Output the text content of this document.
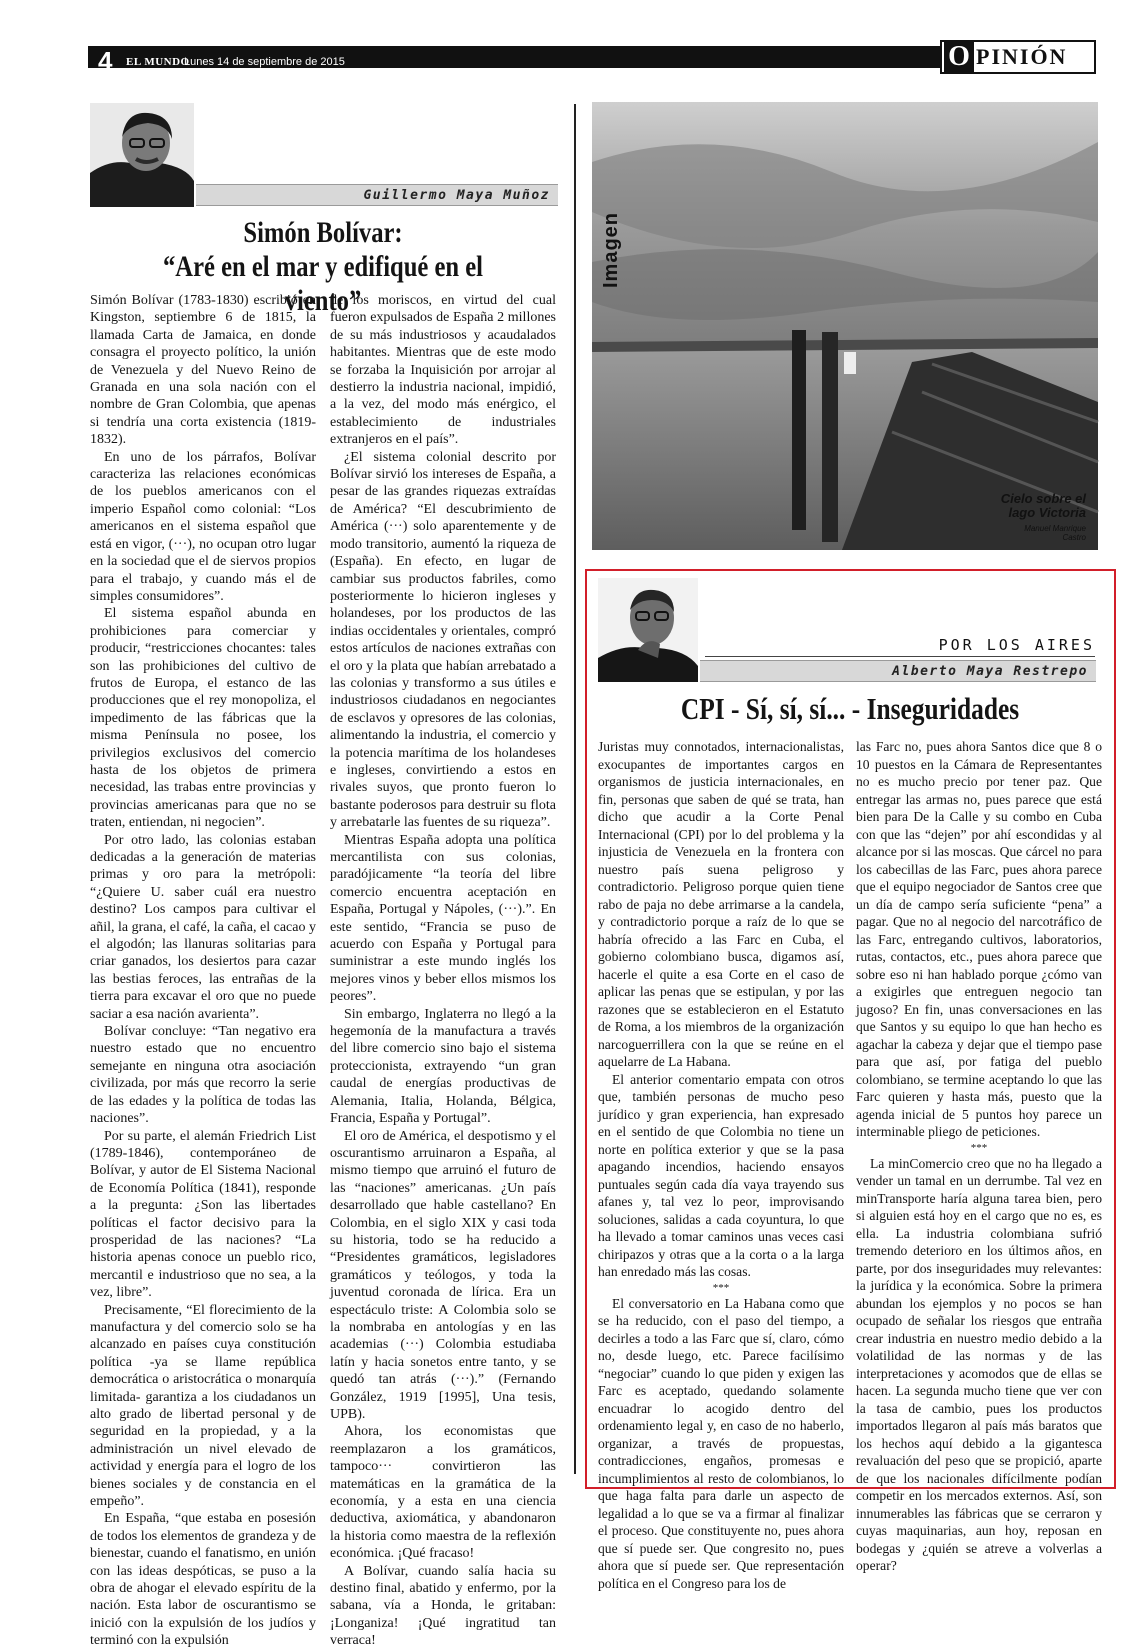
4 EL MUNDO
Lunes 14 de septiembre de 2015	O PINIÓN
Guillermo Maya Muñoz
Simón Bolívar:
“Aré en el mar y edifiqué en el viento”

Simón Bolívar (1783-1830) escribió en Kingston, septiembre 6 de 1815, la llamada Carta de Jamaica, en donde consagra el proyecto político, la unión de Venezuela y del Nuevo Reino de Granada en una sola nación con el nombre de Gran Colombia, que apenas si tendría una corta existencia (1819-1832).

En uno de los párrafos, Bolívar caracteriza las relaciones económicas de los pueblos americanos con el imperio Español como colonial: “Los americanos en el sistema español que está en vigor, (···), no ocupan otro lugar en la sociedad que el de siervos propios para el trabajo, y cuando más el de simples consumidores”.

El sistema español abunda en prohibiciones para comerciar y producir, “restricciones chocantes: tales son las prohibiciones del cultivo de frutos de Europa, el estanco de las producciones que el rey monopoliza, el impedimento de las fábricas que la misma Península no posee, los privilegios exclusivos del comercio hasta de los objetos de primera necesidad, las trabas entre provincias y provincias americanas para que no se traten, entiendan, ni negocien”.

Por otro lado, las colonias estaban dedicadas a la generación de materias primas y oro para la metrópoli: “¿Quiere U. saber cuál era nuestro destino? Los campos para cultivar el añil, la grana, el café, la caña, el cacao y el algodón; las llanuras solitarias para criar ganados, los desiertos para cazar las bestias feroces, las entrañas de la tierra para excavar el oro que no puede saciar a esa nación avarienta”.

Bolívar concluye: “Tan negativo era nuestro estado que no encuentro semejante en ninguna otra asociación civilizada, por más que recorro la serie de las edades y la política de todas las naciones”.

Por su parte, el alemán Friedrich List (1789-1846), contemporáneo de Bolívar, y autor de El Sistema Nacional de Economía Política (1841), responde a la pregunta: ¿Son las libertades políticas el factor decisivo para la prosperidad de las naciones? “La historia apenas conoce un pueblo rico, mercantil e industrioso que no sea, a la vez, libre”.

Precisamente, “El florecimiento de la manufactura y del comercio solo se ha alcanzado en países cuya constitución política -ya se llame república democrática o aristocrática o monarquía limitada- garantiza a los ciudadanos un alto grado de libertad personal y de seguridad en la propiedad, y a la administración un nivel elevado de actividad y energía para el logro de los bienes sociales y de constancia en el empeño”.

En España, “que estaba en posesión de todos los elementos de grandeza y de bienestar, cuando el fanatismo, en unión con las ideas despóticas, se puso a la obra de ahogar el elevado espíritu de la nación. Esta labor de oscurantismo se inició con la expulsión de los judíos y terminó con la expulsión

de los moriscos, en virtud del cual fueron expulsados de España 2 millones de su más industriosos y acaudalados habitantes. Mientras que de este modo se forzaba la Inquisición por arrojar al destierro la industria nacional, impidió, a la vez, del modo más enérgico, el establecimiento de industriales extranjeros en el país”.

¿El sistema colonial descrito por Bolívar sirvió los intereses de España, a pesar de las grandes riquezas extraídas de América? “El descubrimiento de América (···) solo aparentemente y de modo transitorio, aumentó la riqueza de (España). En efecto, en lugar de cambiar sus productos fabriles, como posteriormente lo hicieron ingleses y holandeses, por los productos de las indias occidentales y orientales, compró estos artículos de naciones extrañas con el oro y la plata que habían arrebatado a las colonias y transformo a sus útiles e industriosos ciudadanos en negociantes de esclavos y opresores de las colonias, alimentando la industria, el comercio y la potencia marítima de los holandeses e ingleses, convirtiendo a estos en rivales suyos, que pronto fueron lo bastante poderosos para destruir su flota y arrebatarle las fuentes de su riqueza”.

Mientras España adopta una política mercantilista con sus colonias, paradójicamente “la teoría del libre comercio encuentra aceptación en España, Portugal y Nápoles, (···).”. En este sentido, “Francia se puso de acuerdo con España y Portugal para suministrar a este mundo inglés los mejores vinos y beber ellos mismos los peores”.

Sin embargo, Inglaterra no llegó a la hegemonía de la manufactura a través del libre comercio sino bajo el sistema proteccionista, extrayendo “un gran caudal de energías productivas de Alemania, Italia, Holanda, Bélgica, Francia, España y Portugal”.

El oro de América, el despotismo y el oscurantismo arruinaron a España, al mismo tiempo que arruinó el futuro de las “naciones” americanas. ¿Un país desarrollado que hable castellano? En Colombia, en el siglo XIX y casi toda su historia, todo se ha reducido a “Presidentes gramáticos, legisladores gramáticos y teólogos, y toda la juventud coronada de lírica. Era un espectáculo triste: A Colombia solo se la nombraba en antologías y en las academias (···) Colombia estudiaba latín y hacia sonetos entre tanto, y se quedó tan atrás (···).” (Fernando González, 1919 [1995], Una tesis, UPB).

Ahora, los economistas que reemplazaron a los gramáticos, tampoco··· convirtieron las matemáticas en la gramática de la economía, y a esta en una ciencia deductiva, axiomática, y abandonaron la historia como maestra de la reflexión económica. ¡Qué fracaso!

A Bolívar, cuando salía hacia su destino final, abatido y enfermo, por la sabana, vía a Honda, le gritaban: ¡Longaniza! ¡Qué ingratitud tan verraca!

Imagen
Cielo sobre el
lago Victoria
Manuel Manrique
Castro
POR LOS AIRES
Alberto Maya Restrepo
CPI - Sí, sí, sí... - Inseguridades

Juristas muy connotados, internacionalistas, exocupantes de importantes cargos en organismos de justicia internacionales, en fin, personas que saben de qué se trata, han dicho que acudir a la Corte Penal Internacional (CPI) por lo del problema y la injusticia de Venezuela en la frontera con nuestro país suena peligroso y contradictorio. Peligroso porque quien tiene rabo de paja no debe arrimarse a la candela, y contradictorio porque a raíz de lo que se habría ofrecido a las Farc en Cuba, el gobierno colombiano busca, digamos así, hacerle el quite a esa Corte en el caso de aplicar las penas que se estipulan, y por las razones que se establecieron en el Estatuto de Roma, a los miembros de la organización narcoguerrillera con la que se reúne en el aquelarre de La Habana.

El anterior comentario empata con otros que, también personas de mucho peso jurídico y gran experiencia, han expresado en el sentido de que Colombia no tiene un norte en política exterior y que se la pasa apagando incendios, haciendo ensayos puntuales según cada día vaya trayendo sus afanes y, tal vez lo peor, improvisando soluciones, salidas a cada coyuntura, lo que ha llevado a tomar caminos unas veces casi chiripazos y otras que a la corta o a la larga han enredado más las cosas.

***

El conversatorio en La Habana como que se ha reducido, con el paso del tiempo, a decirles a todo a las Farc que sí, claro, cómo no, desde luego, etc. Parece facilísimo “negociar” cuando lo que piden y exigen las Farc es aceptado, quedando solamente encuadrar lo acogido dentro del ordenamiento legal y, en caso de no haberlo, organizar, a través de propuestas, contradicciones, engaños, promesas e incumplimientos al resto de colombianos, lo que haga falta para darle un aspecto de legalidad a lo que se va a firmar al finalizar el proceso. Que constituyente no, pues ahora que sí puede ser. Que congresito no, pues ahora que sí puede ser. Que representación política en el Congreso para los de

las Farc no, pues ahora Santos dice que 8 o 10 puestos en la Cámara de Representantes no es mucho precio por tener paz. Que entregar las armas no, pues parece que está bien para De la Calle y su combo en Cuba con que las “dejen” por ahí escondidas y al alcance por si las moscas. Que cárcel no para los cabecillas de las Farc, pues ahora parece que el equipo negociador de Santos cree que un día de campo sería suficiente “pena” a pagar. Que no al negocio del narcotráfico de las Farc, entregando cultivos, laboratorios, rutas, contactos, etc., pues ahora parece que sobre eso ni han hablado porque ¿cómo van a exigirles que entreguen negocio tan jugoso? En fin, unas conversaciones en las que Santos y su equipo lo que han hecho es agachar la cabeza y dejar que el tiempo pase para que así, por fatiga del pueblo colombiano, se termine aceptando lo que las Farc quieren y hasta más, puesto que la agenda inicial de 5 puntos hoy parece un interminable pliego de peticiones.

***

La minComercio creo que no ha llegado a vender un tamal en un derrumbe. Tal vez en minTransporte haría alguna tarea bien, pero si alguien está hoy en el cargo que no es, es ella. La industria colombiana sufrió tremendo deterioro en los últimos años, en parte, por dos inseguridades muy relevantes: la jurídica y la económica. Sobre la primera abundan los ejemplos y no pocos se han ocupado de señalar los riesgos que entraña crear industria en nuestro medio debido a la volatilidad de las normas y de las interpretaciones y acomodos que de ellas se hacen. La segunda mucho tiene que ver con la tasa de cambio, pues los productos importados llegaron al país más baratos que los hechos aquí debido a la gigantesca revaluación del peso que se propició, aparte de que los nacionales difícilmente podían competir en los mercados externos. Así, son innumerables las fábricas que se cerraron y cuyas maquinarias, aun hoy, reposan en bodegas y ¿quién se atreve a volverlas a operar?
